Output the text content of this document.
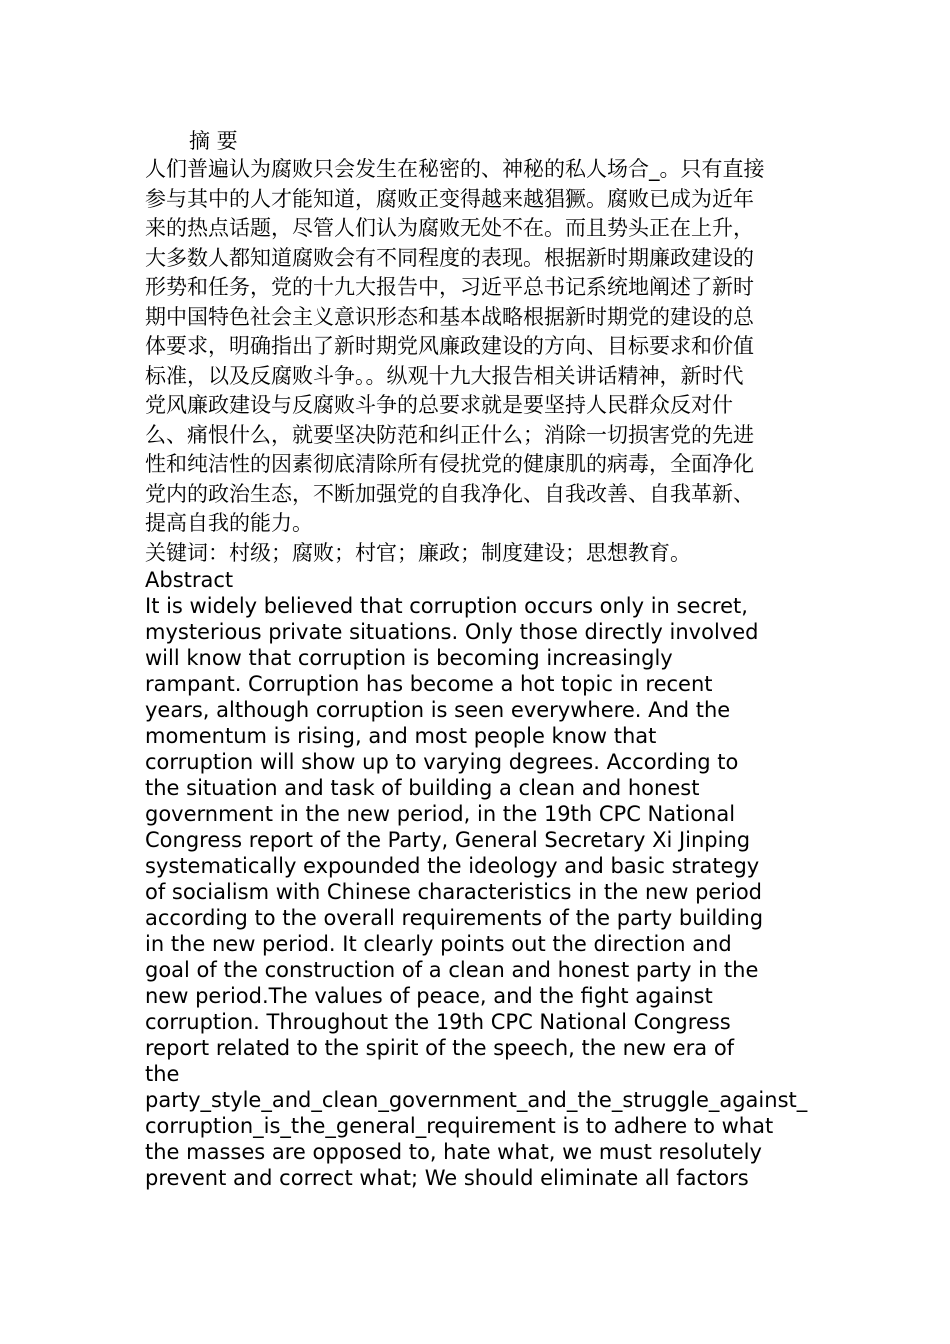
摘 要
人们普遍认为腐败只会发生在秘密的、神秘的私人场合_。只有直接
参与其中的人才能知道，腐败正变得越来越猖獗。腐败已成为近年
来的热点话题，尽管人们认为腐败无处不在。而且势头正在上升，
大多数人都知道腐败会有不同程度的表现。根据新时期廉政建设的
形势和任务，党的十九大报告中，习近平总书记系统地阐述了新时
期中国特色社会主义意识形态和基本战略根据新时期党的建设的总
体要求，明确指出了新时期党风廉政建设的方向、目标要求和价值
标准，以及反腐败斗争。。纵观十九大报告相关讲话精神，新时代
党风廉政建设与反腐败斗争的总要求就是要坚持人民群众反对什
么、痛恨什么，就要坚决防范和纠正什么；消除一切损害党的先进
性和纯洁性的因素彻底清除所有侵扰党的健康肌的病毒，全面净化
党内的政治生态，不断加强党的自我净化、自我改善、自我革新、
提高自我的能力。
关键词：村级；腐败；村官；廉政；制度建设；思想教育。
Abstract
It is widely believed that corruption occurs only in secret,
mysterious private situations. Only those directly involved
will know that corruption is becoming increasingly
rampant. Corruption has become a hot topic in recent
years, although corruption is seen everywhere. And the
momentum is rising, and most people know that
corruption will show up to varying degrees. According to
the situation and task of building a clean and honest
government in the new period, in the 19th CPC National
Congress report of the Party, General Secretary Xi Jinping
systematically expounded the ideology and basic strategy
of socialism with Chinese characteristics in the new period
according to the overall requirements of the party building
in the new period. It clearly points out the direction and
goal of the construction of a clean and honest party in the
new period.The values of peace, and the fight against
corruption. Throughout the 19th CPC National Congress
report related to the spirit of the speech, the new era of
the
party_style_and_clean_government_and_the_struggle_against_
corruption_is_the_general_requirement is to adhere to what
the masses are opposed to, hate what, we must resolutely
prevent and correct what; We should eliminate all factors
